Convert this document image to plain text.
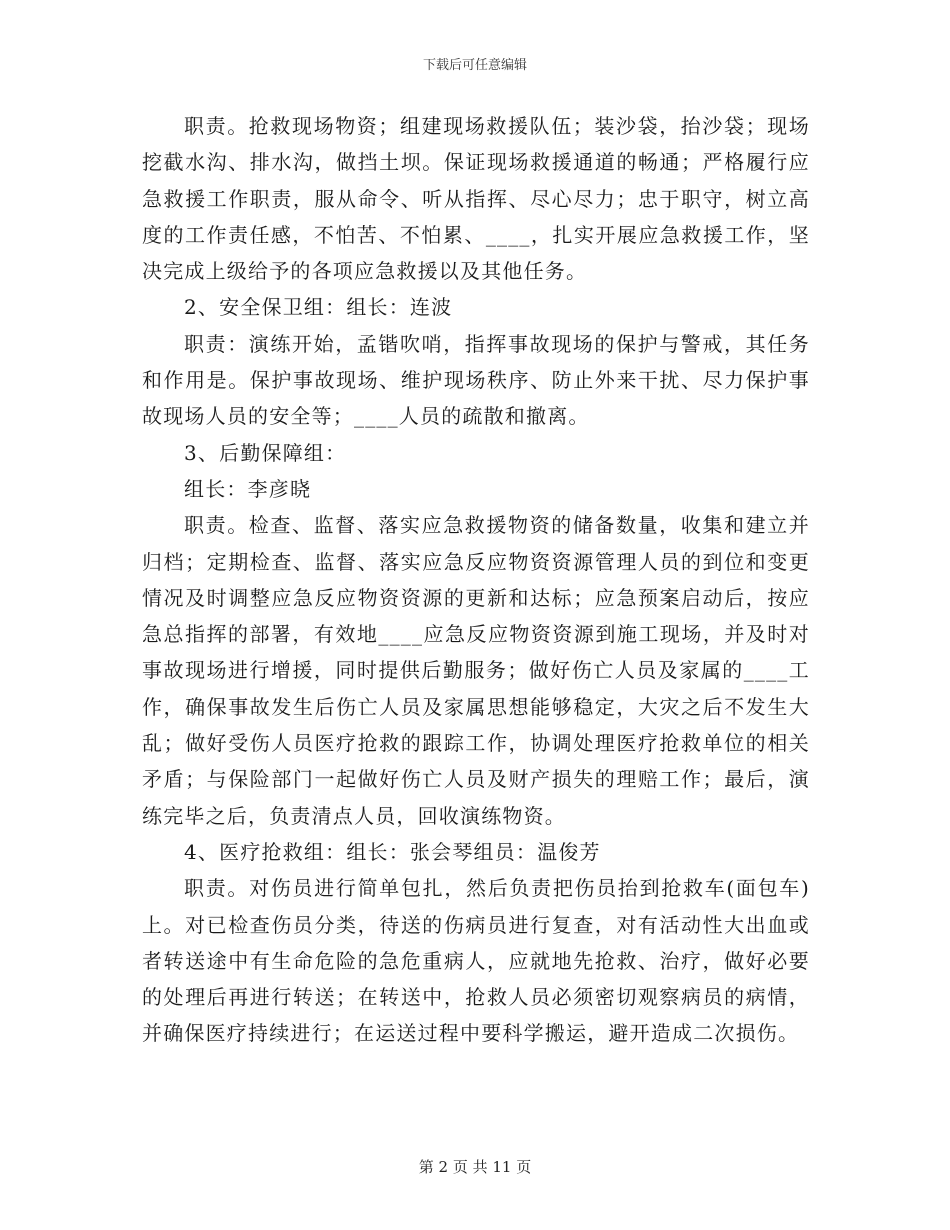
下载后可任意编辑

职责。抢救现场物资；组建现场救援队伍；装沙袋，抬沙袋；现场挖截水沟、排水沟，做挡土坝。保证现场救援通道的畅通；严格履行应急救援工作职责，服从命令、听从指挥、尽心尽力；忠于职守，树立高度的工作责任感，不怕苦、不怕累、____，扎实开展应急救援工作，坚决完成上级给予的各项应急救援以及其他任务。

2、安全保卫组：组长：连波

职责：演练开始，孟锴吹哨，指挥事故现场的保护与警戒，其任务和作用是。保护事故现场、维护现场秩序、防止外来干扰、尽力保护事故现场人员的安全等；____人员的疏散和撤离。

3、后勤保障组：

组长：李彦晓

职责。检查、监督、落实应急救援物资的储备数量，收集和建立并归档；定期检查、监督、落实应急反应物资资源管理人员的到位和变更情况及时调整应急反应物资资源的更新和达标；应急预案启动后，按应急总指挥的部署，有效地____应急反应物资资源到施工现场，并及时对事故现场进行增援，同时提供后勤服务；做好伤亡人员及家属的____工作，确保事故发生后伤亡人员及家属思想能够稳定，大灾之后不发生大乱；做好受伤人员医疗抢救的跟踪工作，协调处理医疗抢救单位的相关矛盾；与保险部门一起做好伤亡人员及财产损失的理赔工作；最后，演练完毕之后，负责清点人员，回收演练物资。

4、医疗抢救组：组长：张会琴组员：温俊芳

职责。对伤员进行简单包扎，然后负责把伤员抬到抢救车(面包车)上。对已检查伤员分类，待送的伤病员进行复查，对有活动性大出血或者转送途中有生命危险的急危重病人，应就地先抢救、治疗，做好必要的处理后再进行转送；在转送中，抢救人员必须密切观察病员的病情，并确保医疗持续进行；在运送过程中要科学搬运，避开造成二次损伤。

第 2 页 共 11 页
